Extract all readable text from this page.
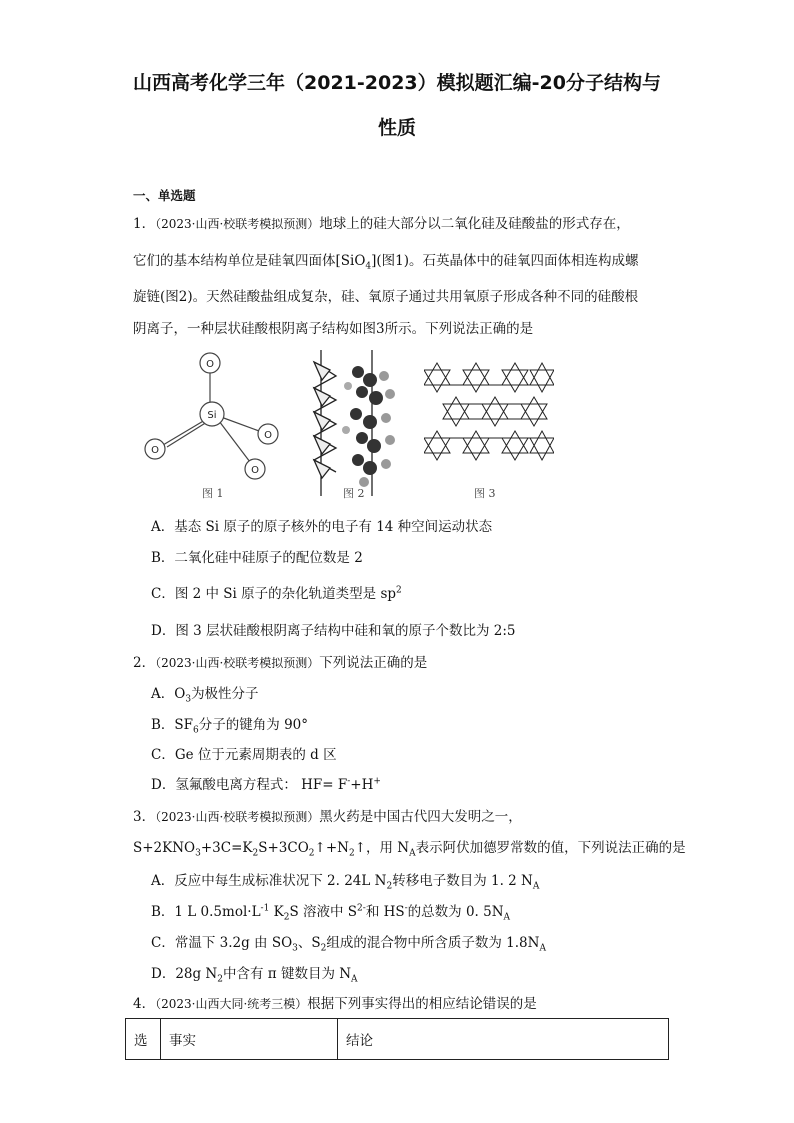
山西高考化学三年（2021-2023）模拟题汇编-20分子结构与
性质
一、单选题
1．（2023·山西·校联考模拟预测）地球上的硅大部分以二氧化硅及硅酸盐的形式存在，
它们的基本结构单位是硅氧四面体[SiO$_4$](图1)。石英晶体中的硅氧四面体相连构成螺
旋链(图2)。天然硅酸盐组成复杂，硅、氧原子通过共用氧原子形成各种不同的硅酸根
阴离子，一种层状硅酸根阴离子结构如图3所示。下列说法正确的是
Si
O
O
O
O
图 1	图 2	图 3
A．基态 Si 原子的原子核外的电子有 14 种空间运动状态
B．二氧化硅中硅原子的配位数是 2
C．图 2 中 Si 原子的杂化轨道类型是 $sp^2$
D．图 3 层状硅酸根阴离子结构中硅和氧的原子个数比为 2:5
2．（2023·山西·校联考模拟预测）下列说法正确的是
A．$O_3$为极性分子
B．$SF_6$分子的键角为 90°
C．Ge 位于元素周期表的 d 区
D．氢氟酸电离方程式： HF= F-+H+
3．（2023·山西·校联考模拟预测）黑火药是中国古代四大发明之一，
$S+2KNO_3+3C=K_2S+3CO_2↑+N_2↑$，用 $N_A$表示阿伏加德罗常数的值，下列说法正确的是
A．反应中每生成标准状况下 2. 24L $N_2$转移电子数目为 1. 2 $N_A$
B．1 L $0.5mol\cdot L^{-1}$ $K_2S$ 溶液中 $S^{2-}$和 HS-的总数为 0. $5N_A$
C．常温下 3.2g 由 $SO_3$、$S_2$组成的混合物中所含质子数为 $1.8N_A$
D．28g $N_2$中含有 π 键数目为 $N_A$
4．（2023·山西大同·统考三模）根据下列事实得出的相应结论错误的是
选	事实	结论
